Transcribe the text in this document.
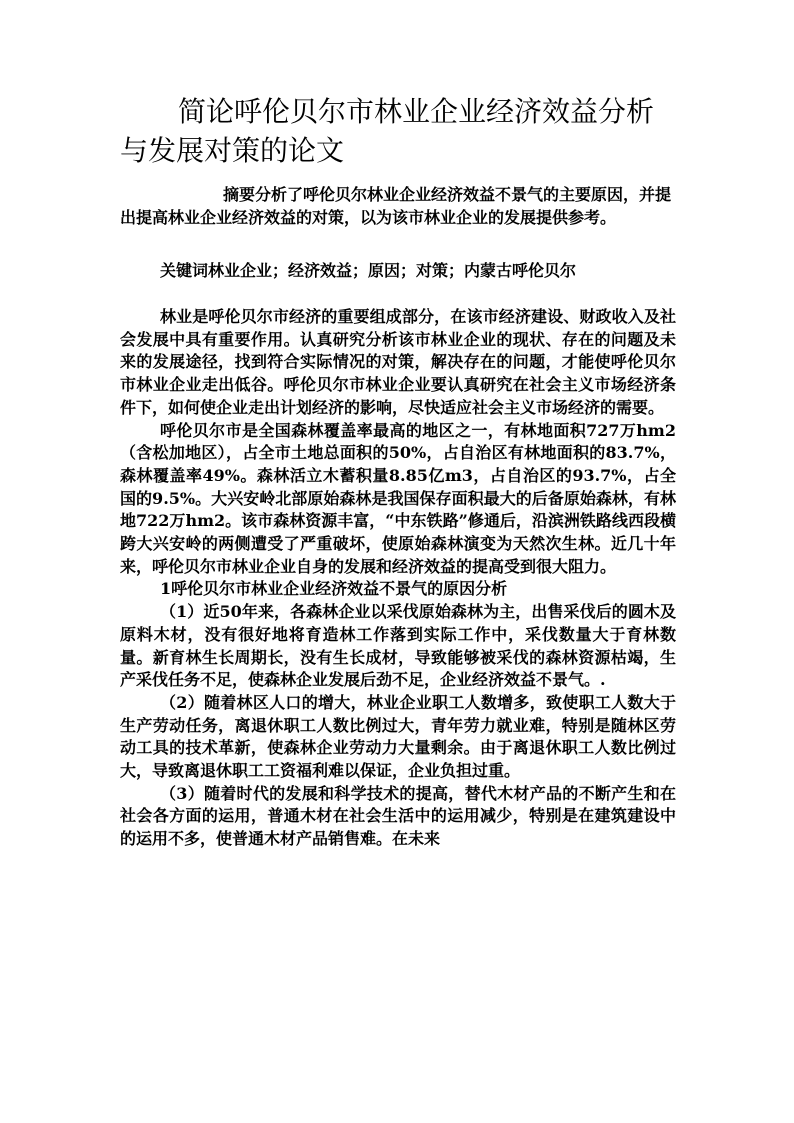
简论呼伦贝尔市林业企业经济效益分析与发展对策的论文
摘要分析了呼伦贝尔林业企业经济效益不景气的主要原因，并提出提高林业企业经济效益的对策，以为该市林业企业的发展提供参考。

关键词林业企业；经济效益；原因；对策；内蒙古呼伦贝尔

林业是呼伦贝尔市经济的重要组成部分，在该市经济建设、财政收入及社会发展中具有重要作用。认真研究分析该市林业企业的现状、存在的问题及未来的发展途径，找到符合实际情况的对策，解决存在的问题，才能使呼伦贝尔市林业企业走出低谷。呼伦贝尔市林业企业要认真研究在社会主义市场经济条件下，如何使企业走出计划经济的影响，尽快适应社会主义市场经济的需要。

呼伦贝尔市是全国森林覆盖率最高的地区之一，有林地面积727万hm2（含松加地区），占全市土地总面积的50%，占自治区有林地面积的83.7%，森林覆盖率49%。森林活立木蓄积量8.85亿m3，占自治区的93.7%，占全国的9.5%。大兴安岭北部原始森林是我国保存面积最大的后备原始森林，有林地722万hm2。该市森林资源丰富，“中东铁路”修通后，沿滨洲铁路线西段横跨大兴安岭的两侧遭受了严重破坏，使原始森林演变为天然次生林。近几十年来，呼伦贝尔市林业企业自身的发展和经济效益的提高受到很大阻力。

1呼伦贝尔市林业企业经济效益不景气的原因分析

（1）近50年来，各森林企业以采伐原始森林为主，出售采伐后的圆木及原料木材，没有很好地将育造林工作落到实际工作中，采伐数量大于育林数量。新育林生长周期长，没有生长成材，导致能够被采伐的森林资源枯竭，生产采伐任务不足，使森林企业发展后劲不足，企业经济效益不景气。.

（2）随着林区人口的增大，林业企业职工人数增多，致使职工人数大于生产劳动任务，离退休职工人数比例过大，青年劳力就业难，特别是随林区劳动工具的技术革新，使森林企业劳动力大量剩余。由于离退休职工人数比例过大，导致离退休职工工资福利难以保证，企业负担过重。

（3）随着时代的发展和科学技术的提高，替代木材产品的不断产生和在社会各方面的运用，普通木材在社会生活中的运用减少，特别是在建筑建设中的运用不多，使普通木材产品销售难。在未来
